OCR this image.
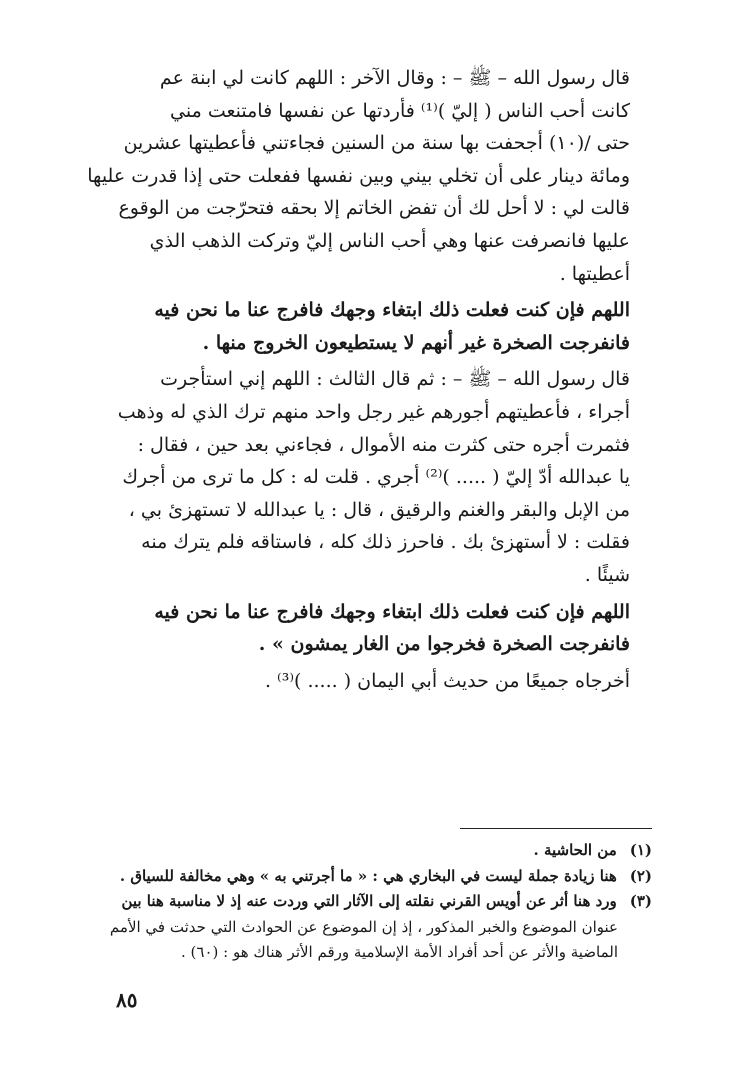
قال رسول الله – ﷺ – : وقال الآخر : اللهم كانت لي ابنة عم
كانت أحب الناس ( إليّ )⁽¹⁾ فأردتها عن نفسها فامتنعت مني
حتى /(١٠) أجحفت بها سنة من السنين فجاءتني فأعطيتها عشرين
ومائة دينار على أن تخلي بيني وبين نفسها ففعلت حتى إذا قدرت عليها
قالت لي : لا أحل لك أن تفض الخاتم إلا بحقه فتحرّجت من الوقوع
عليها فانصرفت عنها وهي أحب الناس إليّ وتركت الذهب الذي
أعطيتها .
اللهم فإن كنت فعلت ذلك ابتغاء وجهك فافرج عنا ما نحن فيه
فانفرجت الصخرة غير أنهم لا يستطيعون الخروج منها .
قال رسول الله – ﷺ – : ثم قال الثالث : اللهم إني استأجرت
أجراء ، فأعطيتهم أجورهم غير رجل واحد منهم ترك الذي له وذهب
فثمرت أجره حتى كثرت منه الأموال ، فجاءني بعد حين ، فقال :
يا عبدالله أدّ إليّ ( ..... )⁽²⁾ أجري . قلت له : كل ما ترى من أجرك
من الإبل والبقر والغنم والرقيق ، قال : يا عبدالله لا تستهزئ بي ،
فقلت : لا أستهزئ بك . فاحرز ذلك كله ، فاستاقه فلم يترك منه
شيئًا .
اللهم فإن كنت فعلت ذلك ابتغاء وجهك فافرج عنا ما نحن فيه
فانفرجت الصخرة فخرجوا من الغار يمشون » .
أخرجاه جميعًا من حديث أبي اليمان ( ..... )⁽³⁾ .
(١) من الحاشية .
(٢) هنا زيادة جملة ليست في البخاري هي : « ما أجرتني به » وهي مخالفة للسياق .
(٣) ورد هنا أثر عن أويس القرني نقلته إلى الآثار التي وردت عنه إذ لا مناسبة هنا بين
عنوان الموضوع والخبر المذكور ، إذ إن الموضوع عن الحوادث التي حدثت في الأمم
الماضية والأثر عن أحد أفراد الأمة الإسلامية ورقم الأثر هناك هو : (٦٠) .
٨٥
